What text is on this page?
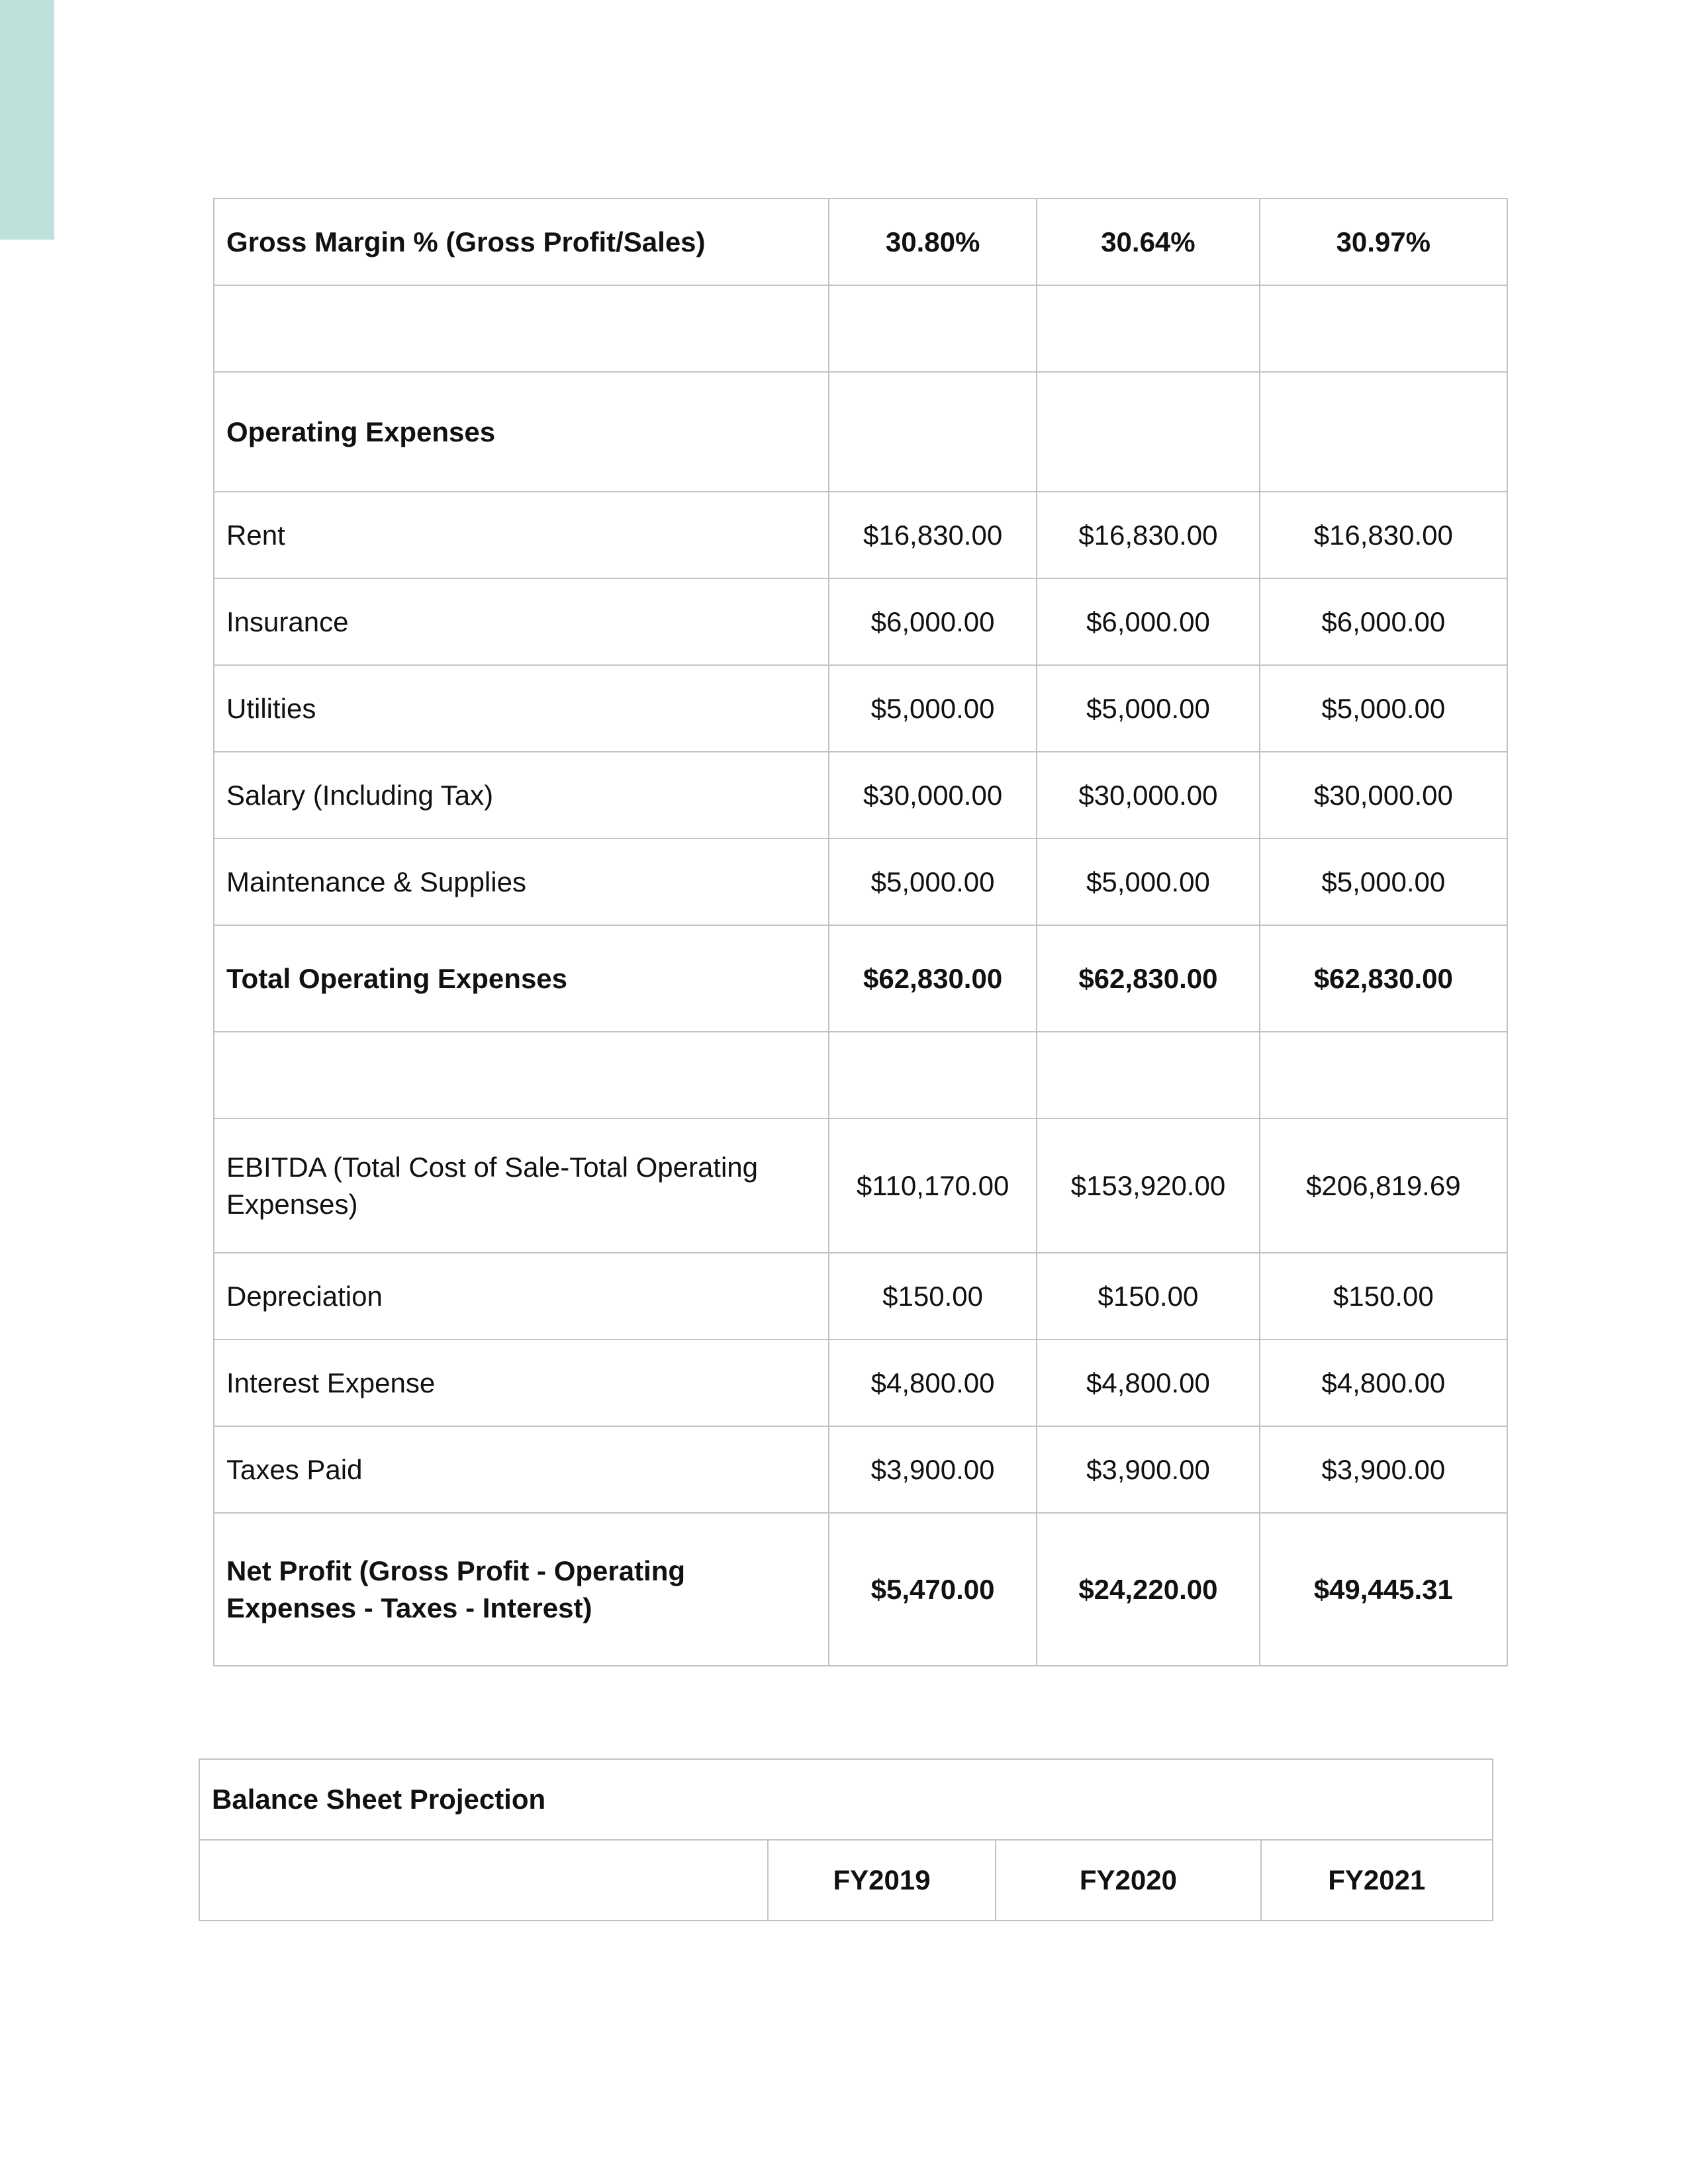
Gross Margin % (Gross Profit/Sales)	30.80%	30.64%	30.97%

Operating Expenses			
Rent	$16,830.00	$16,830.00	$16,830.00
Insurance	$6,000.00	$6,000.00	$6,000.00
Utilities	$5,000.00	$5,000.00	$5,000.00
Salary (Including Tax)	$30,000.00	$30,000.00	$30,000.00
Maintenance & Supplies	$5,000.00	$5,000.00	$5,000.00
Total Operating Expenses	$62,830.00	$62,830.00	$62,830.00

EBITDA (Total Cost of Sale-Total Operating Expenses)	$110,170.00	$153,920.00	$206,819.69
Depreciation	$150.00	$150.00	$150.00
Interest Expense	$4,800.00	$4,800.00	$4,800.00
Taxes Paid	$3,900.00	$3,900.00	$3,900.00
Net Profit (Gross Profit - Operating Expenses - Taxes - Interest)	$5,470.00	$24,220.00	$49,445.31
Balance Sheet Projection
	FY2019	FY2020	FY2021
